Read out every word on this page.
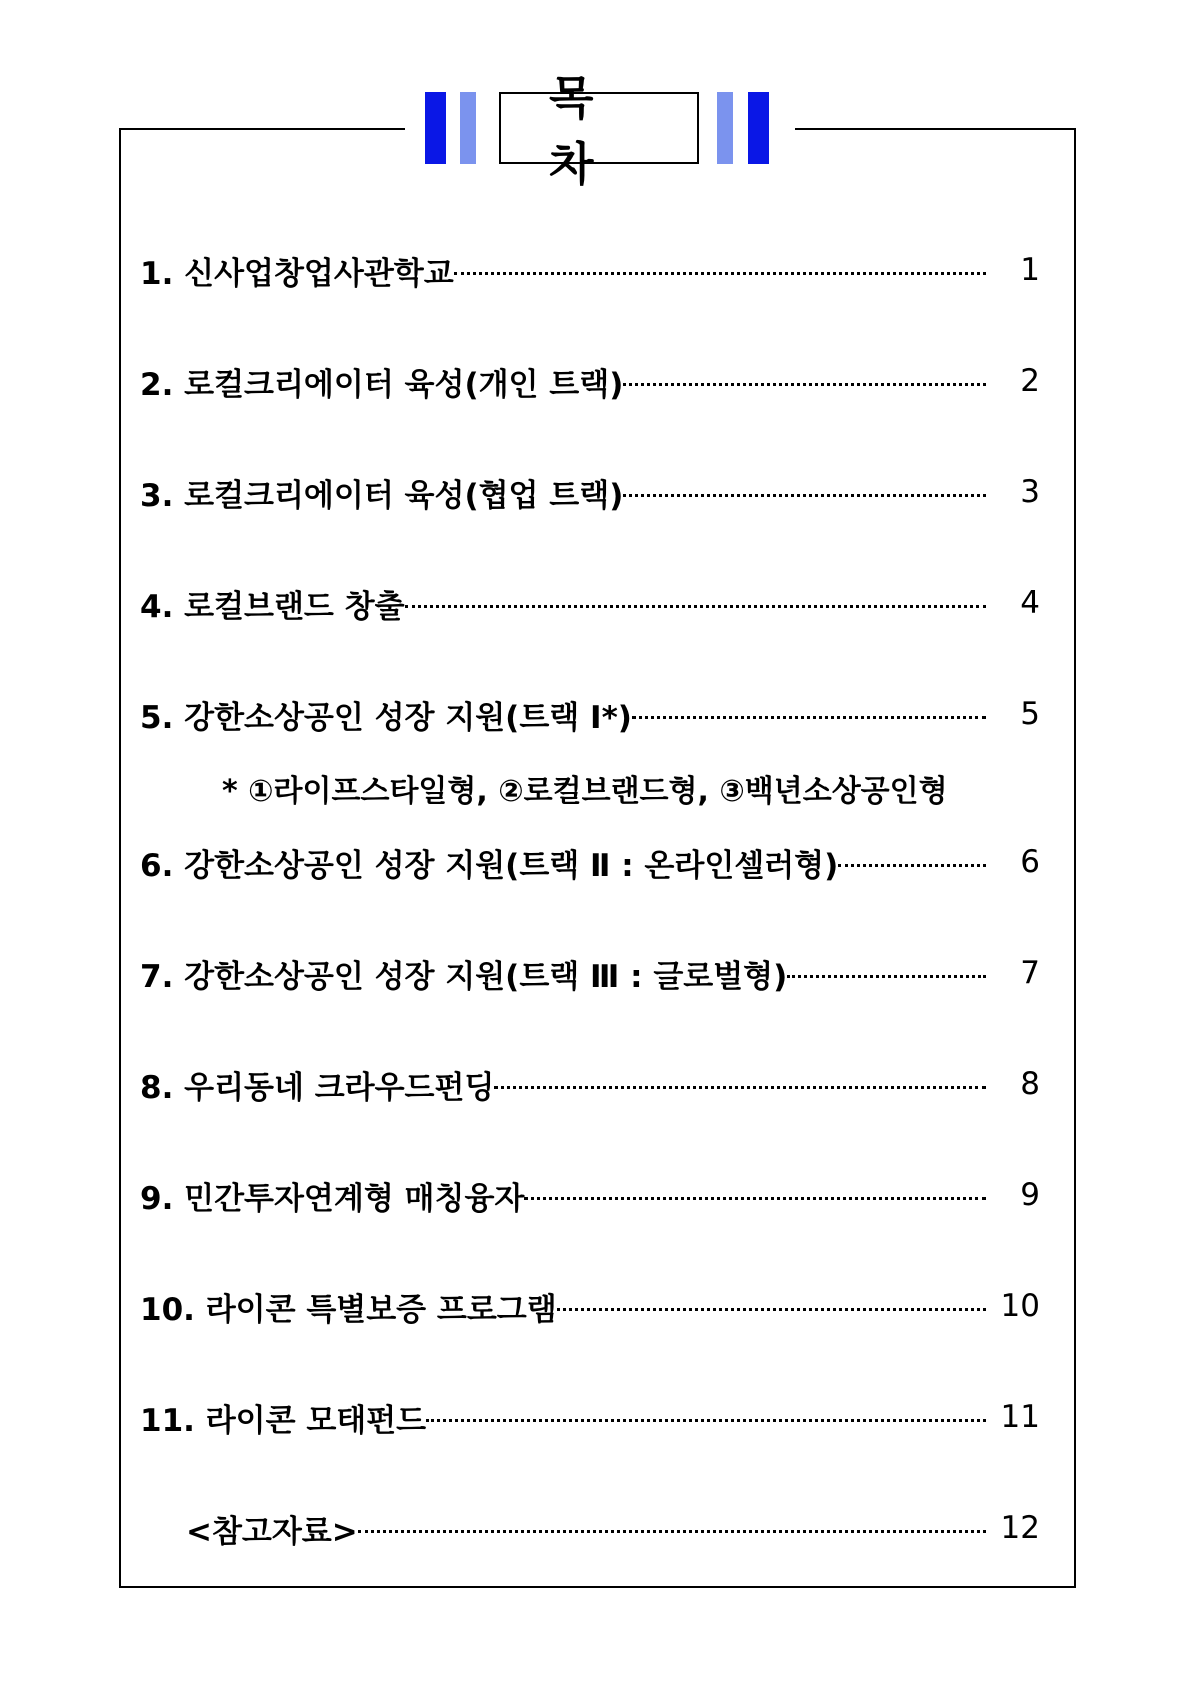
목 차
1. 신사업창업사관학교	1
2. 로컬크리에이터 육성(개인 트랙)	2
3. 로컬크리에이터 육성(협업 트랙)	3
4. 로컬브랜드 창출	4
5. 강한소상공인 성장 지원(트랙 Ⅰ*)	5
* ①라이프스타일형, ②로컬브랜드형, ③백년소상공인형
6. 강한소상공인 성장 지원(트랙 Ⅱ : 온라인셀러형)	6
7. 강한소상공인 성장 지원(트랙 Ⅲ : 글로벌형)	7
8. 우리동네 크라우드펀딩	8
9. 민간투자연계형 매칭융자	9
10. 라이콘 특별보증 프로그램	10
11. 라이콘 모태펀드	11
<참고자료>	12
